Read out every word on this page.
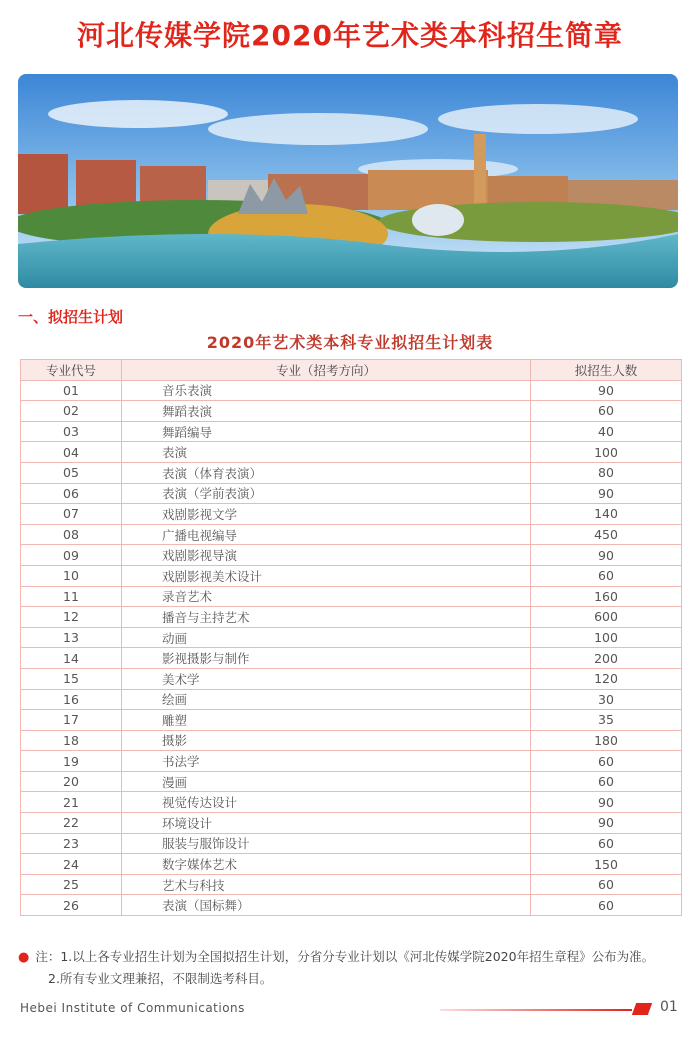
河北传媒学院2020年艺术类本科招生简章
一、拟招生计划
2020年艺术类本科专业拟招生计划表
专业代号	专业（招考方向）	拟招生人数
01	音乐表演	90
02	舞蹈表演	60
03	舞蹈编导	40
04	表演	100
05	表演（体育表演）	80
06	表演（学前表演）	90
07	戏剧影视文学	140
08	广播电视编导	450
09	戏剧影视导演	90
10	戏剧影视美术设计	60
11	录音艺术	160
12	播音与主持艺术	600
13	动画	100
14	影视摄影与制作	200
15	美术学	120
16	绘画	30
17	雕塑	35
18	摄影	180
19	书法学	60
20	漫画	60
21	视觉传达设计	90
22	环境设计	90
23	服装与服饰设计	60
24	数字媒体艺术	150
25	艺术与科技	60
26	表演（国标舞）	60

● 注：1.以上各专业招生计划为全国拟招生计划，分省分专业计划以《河北传媒学院2020年招生章程》公布为准。

2.所有专业文理兼招，不限制选考科目。

Hebei Institute of Communications	01
